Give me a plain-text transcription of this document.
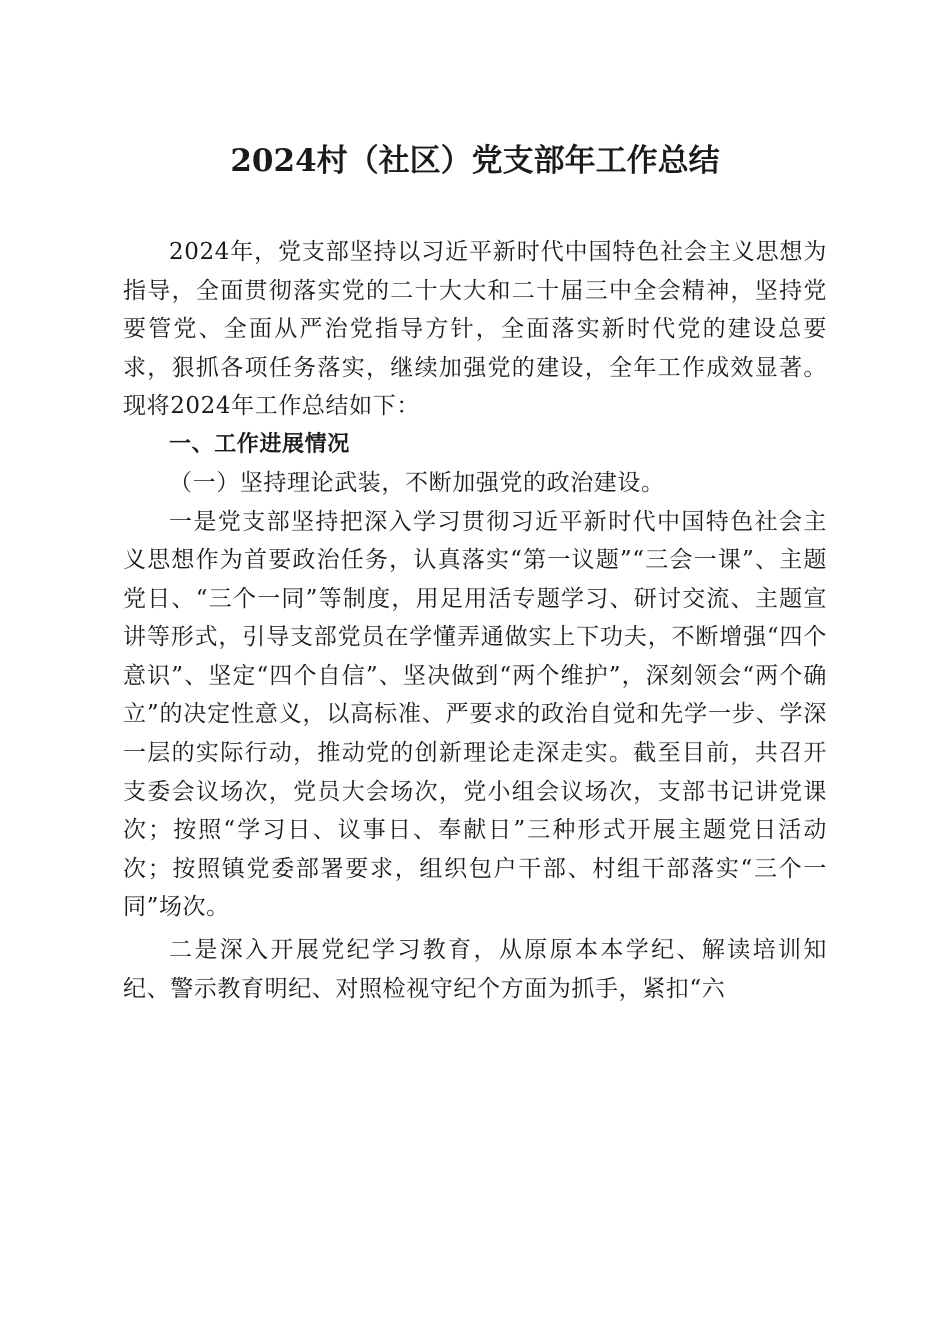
2024村（社区）党支部年工作总结

2024年，党支部坚持以习近平新时代中国特色社会主义思想为指导，全面贯彻落实党的二十大大和二十届三中全会精神，坚持党要管党、全面从严治党指导方针，全面落实新时代党的建设总要求，狠抓各项任务落实，继续加强党的建设，全年工作成效显著。现将2024年工作总结如下：

一、工作进展情况

（一）坚持理论武装，不断加强党的政治建设。

一是党支部坚持把深入学习贯彻习近平新时代中国特色社会主义思想作为首要政治任务，认真落实“第一议题”“三会一课”、主题党日、“三个一同”等制度，用足用活专题学习、研讨交流、主题宣讲等形式，引导支部党员在学懂弄通做实上下功夫，不断增强“四个意识”、坚定“四个自信”、坚决做到“两个维护”，深刻领会“两个确立”的决定性意义，以高标准、严要求的政治自觉和先学一步、学深一层的实际行动，推动党的创新理论走深走实。截至目前，共召开支委会议场次，党员大会场次，党小组会议场次，支部书记讲党课次；按照“学习日、议事日、奉献日”三种形式开展主题党日活动次；按照镇党委部署要求，组织包户干部、村组干部落实“三个一同”场次。

二是深入开展党纪学习教育，从原原本本学纪、解读培训知纪、警示教育明纪、对照检视守纪个方面为抓手，紧扣“六
